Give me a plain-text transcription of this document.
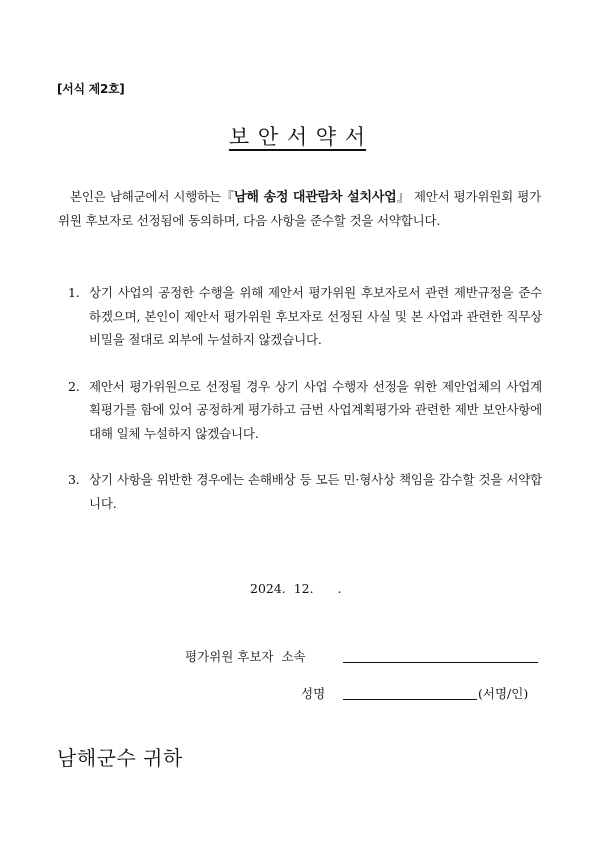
[서식 제2호]
보 안 서 약 서
본인은 남해군에서 시행하는『남해 송정 대관람차 설치사업』 제안서 평가위원회 평가위원 후보자로 선정됨에 동의하며, 다음 사항을 준수할 것을 서약합니다.
1. 상기 사업의 공정한 수행을 위해 제안서 평가위원 후보자로서 관련 제반규정을 준수하겠으며, 본인이 제안서 평가위원 후보자로 선정된 사실 및 본 사업과 관련한 직무상 비밀을 절대로 외부에 누설하지 않겠습니다.
2. 제안서 평가위원으로 선정될 경우 상기 사업 수행자 선정을 위한 제안업체의 사업계획평가를 함에 있어 공정하게 평가하고 금번 사업계획평가와 관련한 제반 보안사항에 대해 일체 누설하지 않겠습니다.
3. 상기 사항을 위반한 경우에는 손해배상 등 모든 민·형사상 책임을 감수할 것을 서약합니다.
2024.  12.      .
평가위원 후보자 소속
성명	(서명/인)
남해군수 귀하
